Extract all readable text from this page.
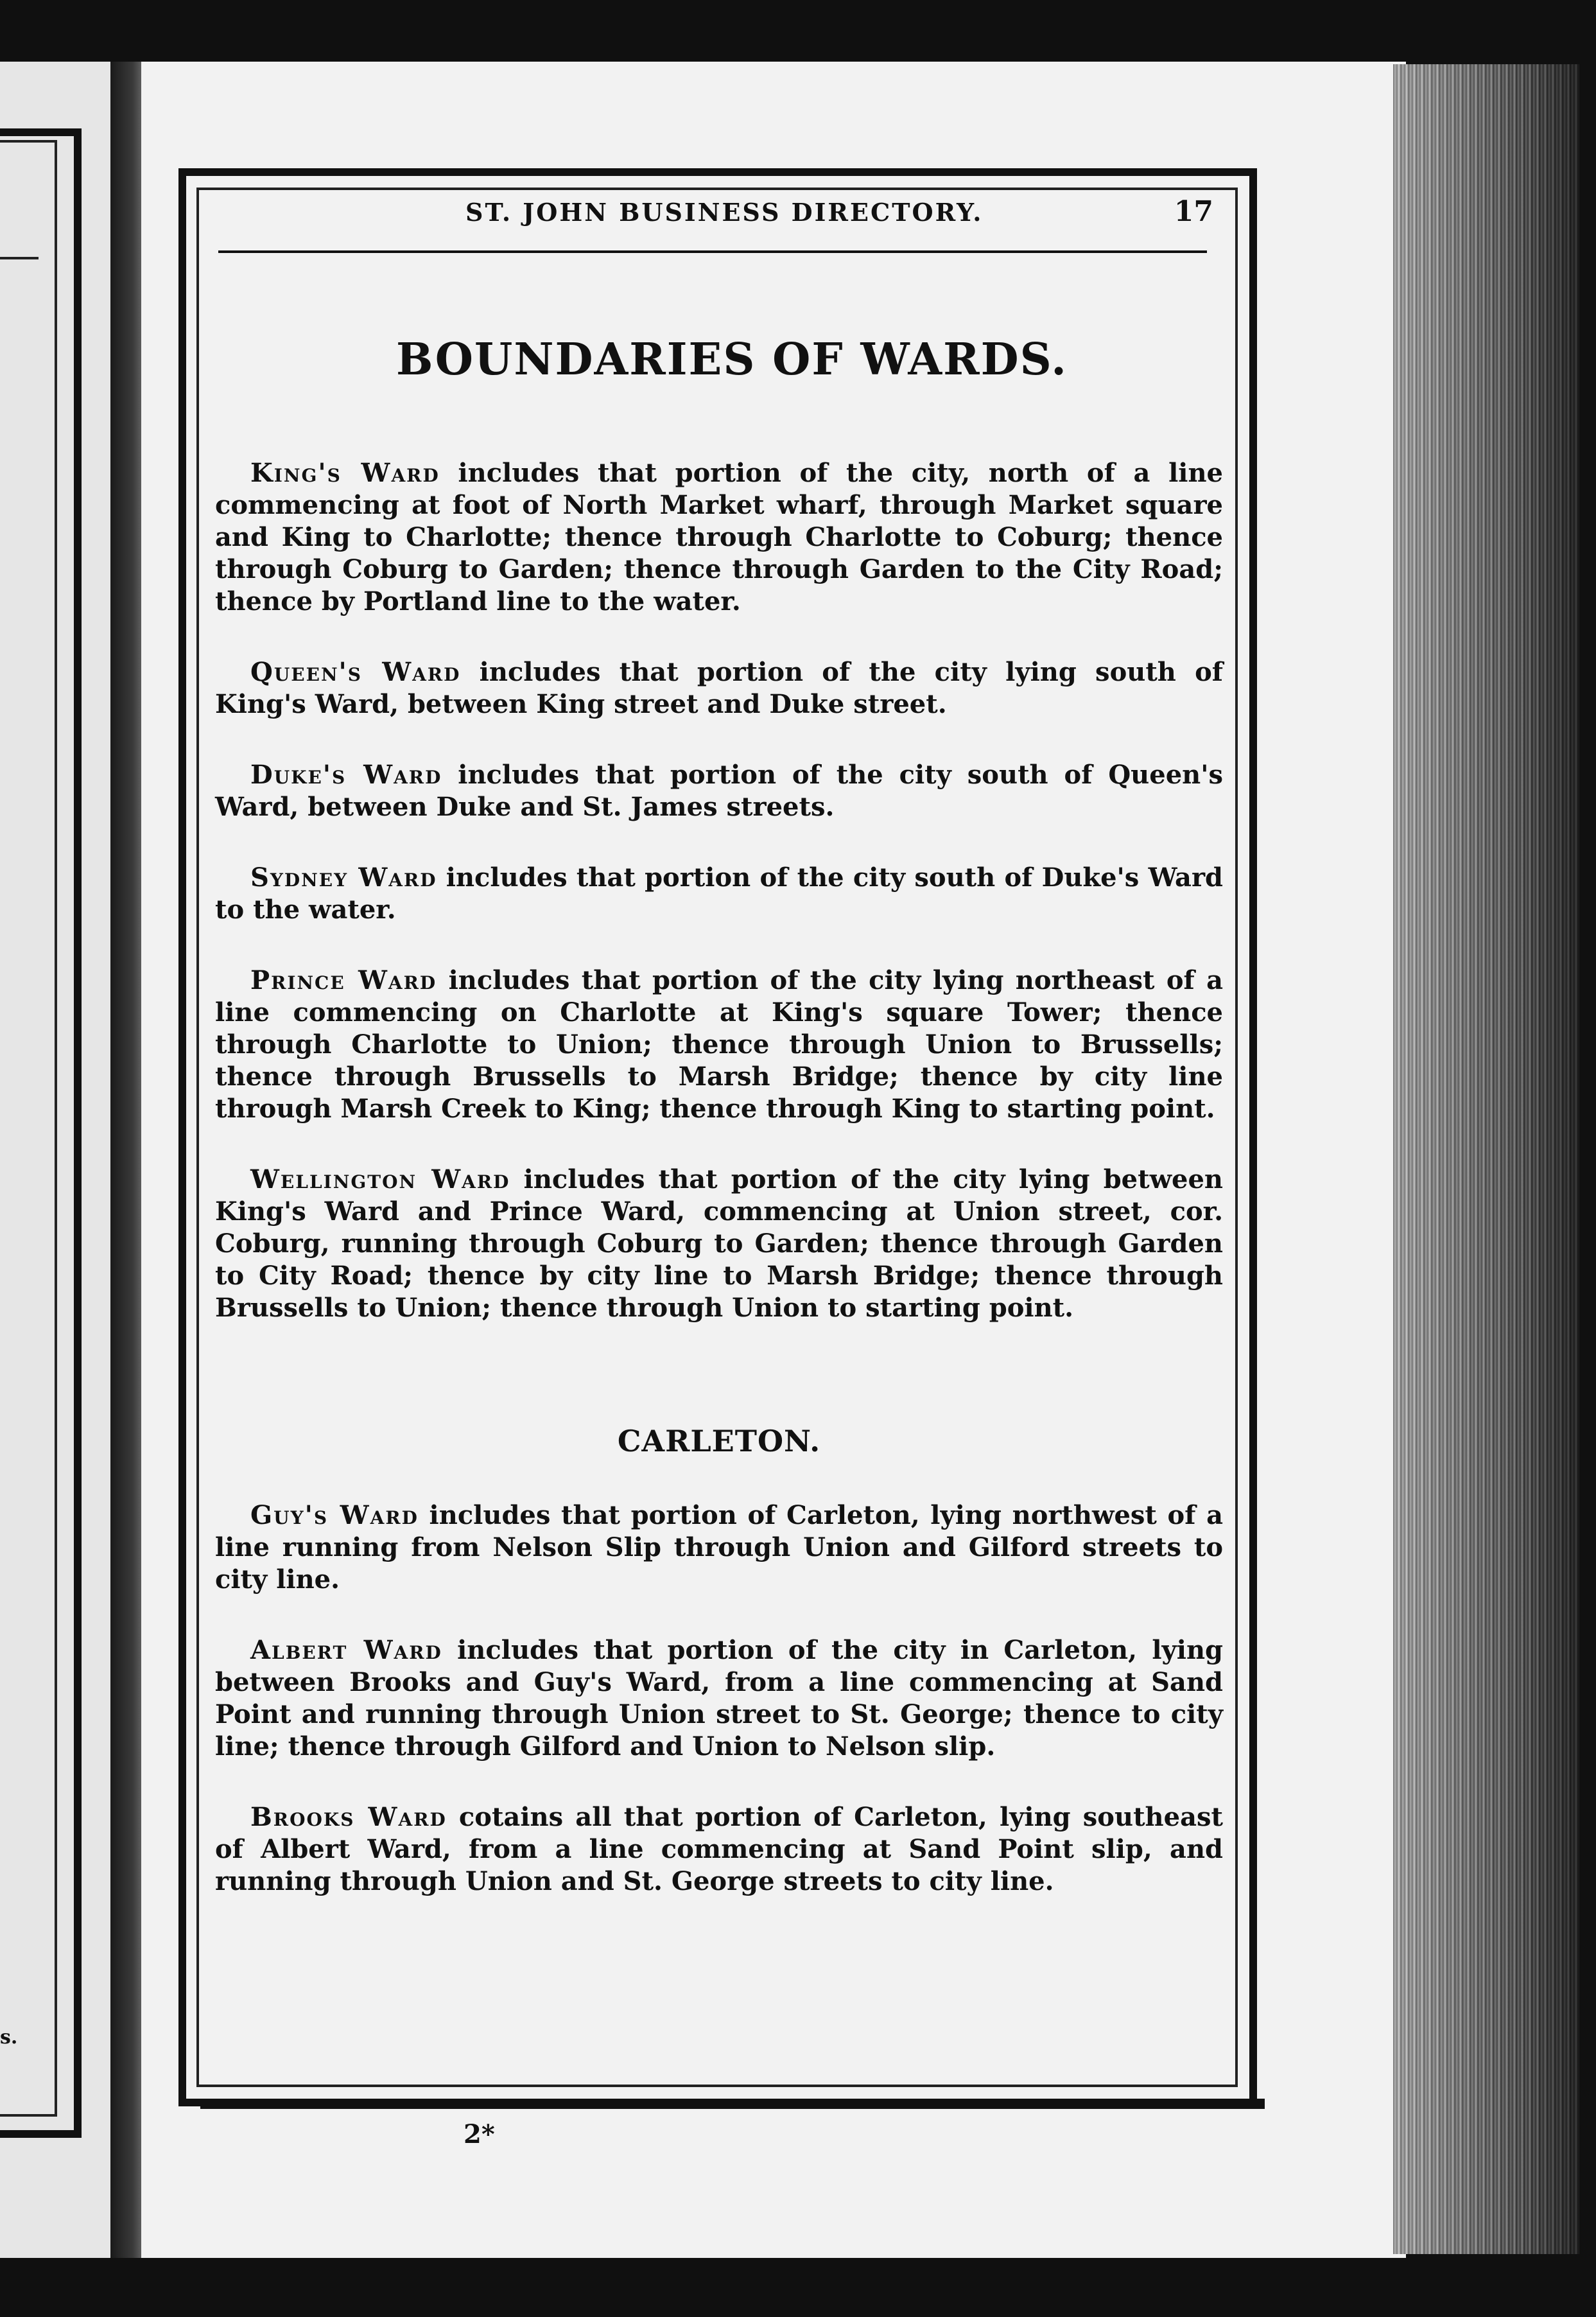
s.
ST. JOHN BUSINESS DIRECTORY.	17
BOUNDARIES OF WARDS.

King's Ward includes that portion of the city, north of a line commencing at foot of North Market wharf, through Market square and King to Charlotte; thence through Charlotte to Coburg; thence through Coburg to Garden; thence through Garden to the City Road; thence by Portland line to the water.

Queen's Ward includes that portion of the city lying south of King's Ward, between King street and Duke street.

Duke's Ward includes that portion of the city south of Queen's Ward, between Duke and St. James streets.

Sydney Ward includes that portion of the city south of Duke's Ward to the water.

Prince Ward includes that portion of the city lying northeast of a line commencing on Charlotte at King's square Tower; thence through Charlotte to Union; thence through Union to Brussells; thence through Brussells to Marsh Bridge; thence by city line through Marsh Creek to King; thence through King to starting point.

Wellington Ward includes that portion of the city lying between King's Ward and Prince Ward, commencing at Union street, cor. Coburg, running through Coburg to Garden; thence through Garden to City Road; thence by city line to Marsh Bridge; thence through Brussells to Union; thence through Union to starting point.

CARLETON.

Guy's Ward includes that portion of Carleton, lying northwest of a line running from Nelson Slip through Union and Gilford streets to city line.

Albert Ward includes that portion of the city in Carleton, lying between Brooks and Guy's Ward, from a line commencing at Sand Point and running through Union street to St. George; thence to city line; thence through Gilford and Union to Nelson slip.

Brooks Ward cotains all that portion of Carleton, lying southeast of Albert Ward, from a line commencing at Sand Point slip, and running through Union and St. George streets to city line.

2*
